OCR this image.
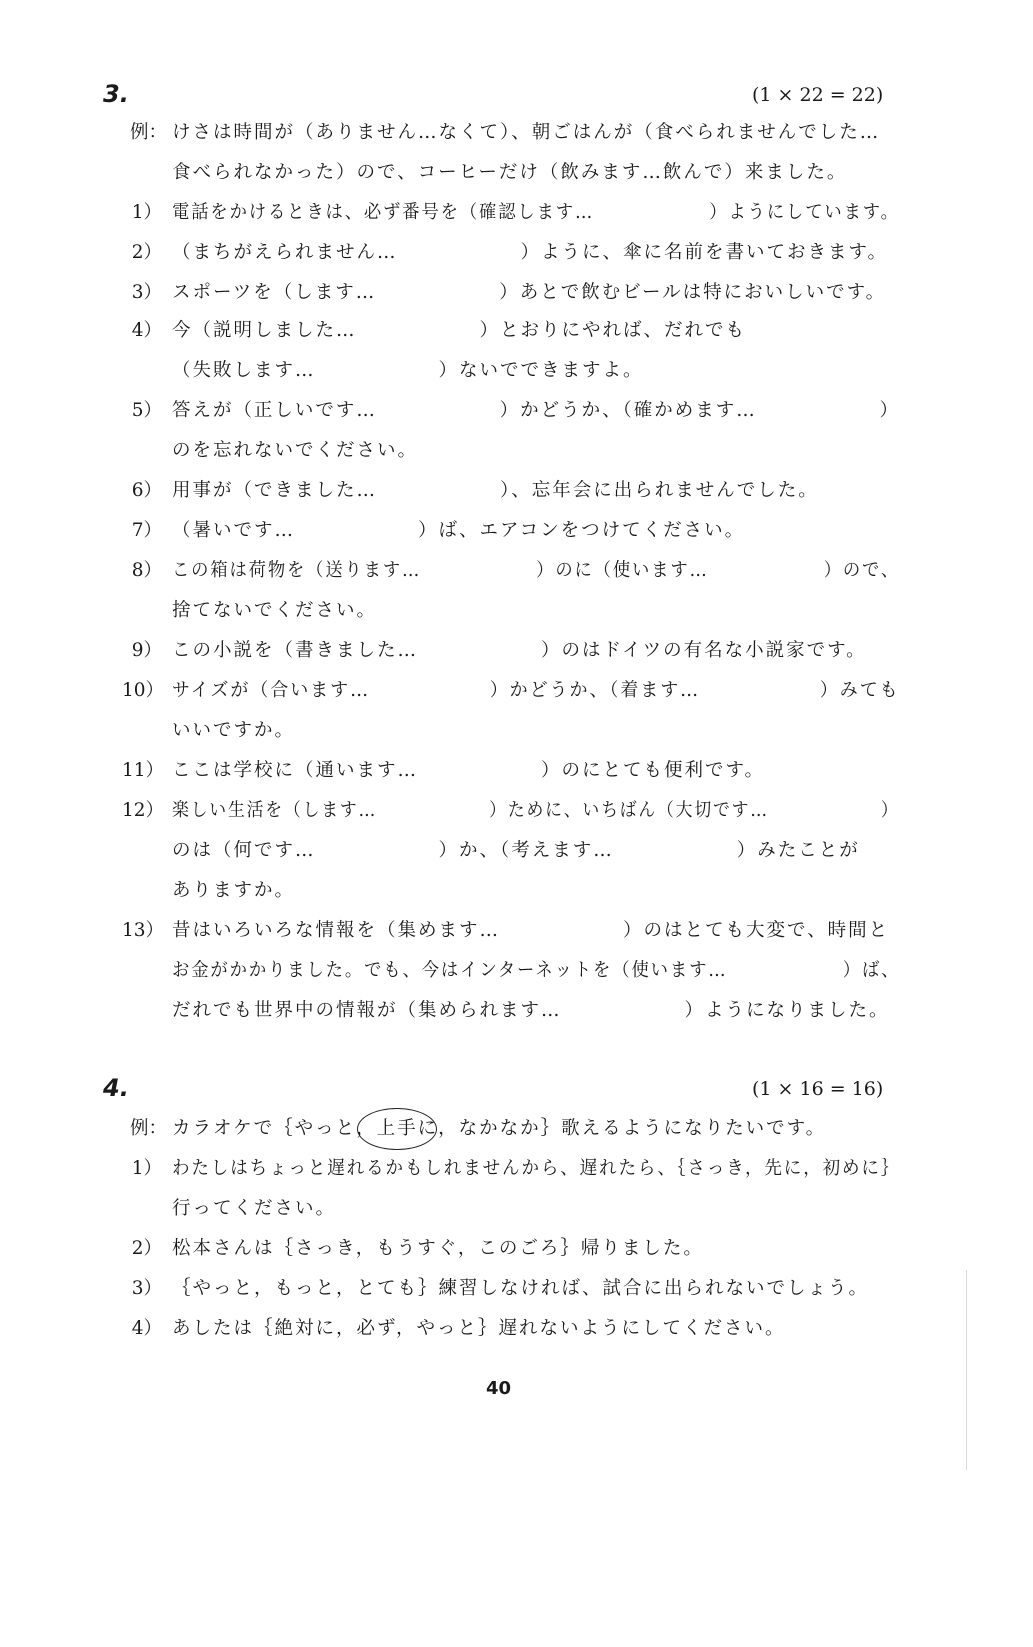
3.	(1 × 22 = 22)
例： けさは時間が（ありません…なくて）、朝ごはんが（食べられませんでした…
食べられなかった）ので、コーヒーだけ（飲みます…飲んで）来ました。
1） 電話をかけるときは、必ず番号を（確認します…　　　　　　）ようにしています。
2） （まちがえられません…　　　　　　）ように、傘に名前を書いておきます。
3） スポーツを（します…　　　　　　）あとで飲むビールは特においしいです。
4） 今（説明しました…　　　　　　）とおりにやれば、だれでも
（失敗します…　　　　　　）ないでできますよ。
5） 答えが（正しいです…　　　　　　）かどうか、（確かめます…　　　　　　）
のを忘れないでください。
6） 用事が（できました…　　　　　　）、忘年会に出られませんでした。
7） （暑いです…　　　　　　）ば、エアコンをつけてください。
8） この箱は荷物を（送ります…　　　　　　）のに（使います…　　　　　　）ので、
捨てないでください。
9） この小説を（書きました…　　　　　　）のはドイツの有名な小説家です。
10） サイズが（合います…　　　　　　）かどうか、（着ます…　　　　　　）みても
いいですか。
11） ここは学校に（通います…　　　　　　）のにとても便利です。
12） 楽しい生活を（します…　　　　　　）ために、いちばん（大切です…　　　　　　）
のは（何です…　　　　　　）か、（考えます…　　　　　　）みたことが
ありますか。
13） 昔はいろいろな情報を（集めます…　　　　　　）のはとても大変で、時間と
お金がかかりました。でも、今はインターネットを（使います…　　　　　　）ば、
だれでも世界中の情報が（集められます…　　　　　　）ようになりました。
4.	(1 × 16 = 16)
例： カラオケで｛やっと，上手に，なかなか｝歌えるようになりたいです。
1） わたしはちょっと遅れるかもしれませんから、遅れたら、｛さっき，先に，初めに｝
行ってください。
2） 松本さんは｛さっき，もうすぐ，このごろ｝帰りました。
3） ｛やっと，もっと，とても｝練習しなければ、試合に出られないでしょう。
4） あしたは｛絶対に，必ず，やっと｝遅れないようにしてください。
40
